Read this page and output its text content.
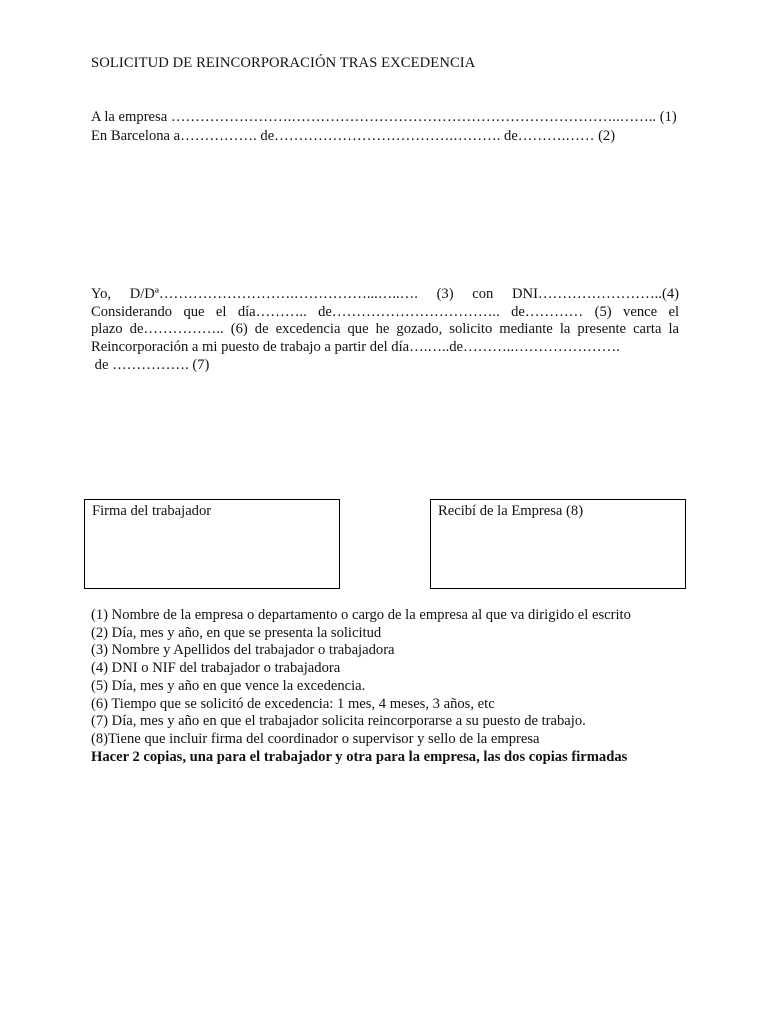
SOLICITUD DE REINCORPORACIÓN TRAS EXCEDENCIA
A la empresa …………………….…………………………………………………………..…….. (1)
En Barcelona a……………. de……………………………….………. de……….…… (2)
Yo, D/Dª……………………….……………...…..…. (3) con DNI……………………..(4)
Considerando que el día……….. de…………………………….. de………… (5) vence el
plazo de…………….. (6) de excedencia que he gozado, solicito mediante la presente carta la
Reincorporación a mi puesto de trabajo a partir del día….…..de………..………………….
de ……………. (7)
Firma del trabajador	Recibí de la Empresa (8)
(1) Nombre de la empresa o departamento o cargo de la empresa al que va dirigido el escrito
(2) Día, mes y año, en que se presenta la solicitud
(3) Nombre y Apellidos del trabajador o trabajadora
(4) DNI o NIF del trabajador o trabajadora
(5) Día, mes y año en que vence la excedencia.
(6) Tiempo que se solicitó de excedencia: 1 mes, 4 meses, 3 años, etc
(7) Día, mes y año en que el trabajador solicita reincorporarse a su puesto de trabajo.
(8)Tiene que incluir firma del coordinador o supervisor y sello de la empresa
Hacer 2 copias, una para el trabajador y otra para la empresa, las dos copias firmadas
